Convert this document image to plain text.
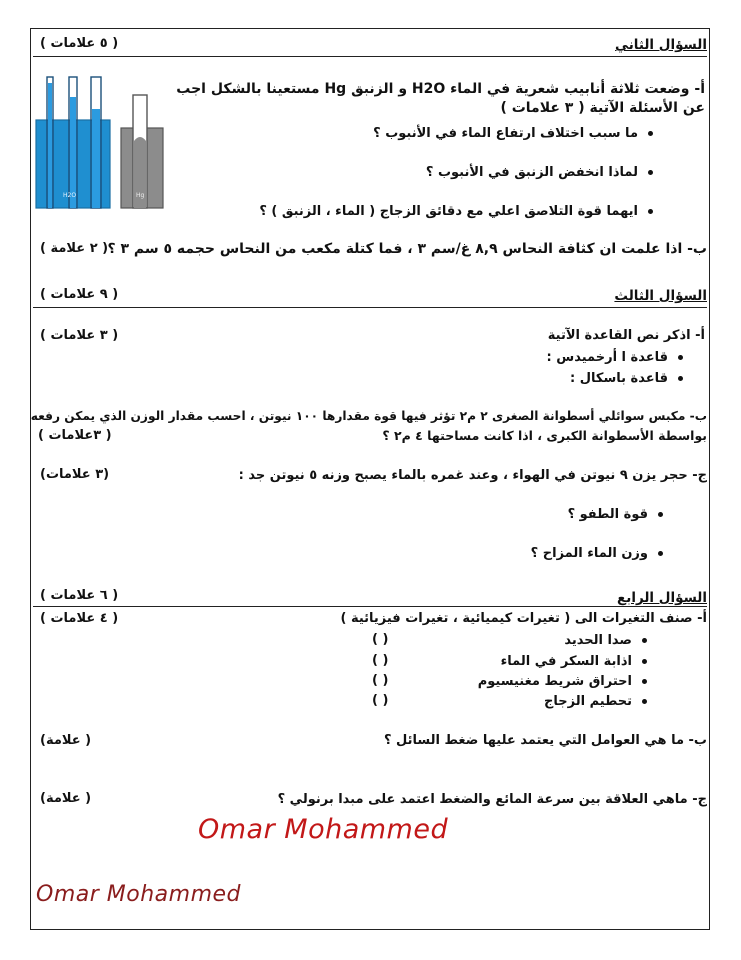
السؤال الثاني
( ٥ علامات )
أ- وضعت ثلاثة أنابيب شعرية في الماء H2O و الزنبق Hg مستعينا بالشكل اجب
عن الأسئلة الآتية ( ٣ علامات )
ما سبب اختلاف ارتفاع الماء في الأنبوب ؟
لماذا انخفض الزنبق في الأنبوب ؟
ايهما قوة التلاصق اعلي مع دقائق الزجاج ( الماء ، الزنبق ) ؟
H2O	Hg
ب- اذا علمت ان كثافة النحاس ٨,٩ غ/سم ٣ ، فما كتلة مكعب من النحاس حجمه ٥ سم ٣ ؟
( ٢ علامة )
السؤال الثالث
( ٩ علامات )
أ- اذكر نص القاعدة الآتية
( ٣ علامات )
قاعدة ا أرخميدس :
قاعدة باسكال :
ب- مكبس سوائلي أسطوانة الصغرى ٢ م٢ تؤثر فيها قوة مقدارها ١٠٠ نيوتن ، احسب مقدار الوزن الذي يمكن رفعه
بواسطة الأسطوانة الكبرى ، اذا كانت مساحتها ٤ م٢ ؟
( ٣علامات )
ج- حجر يزن ٩ نيوتن في الهواء ، وعند غمره بالماء يصبح وزنه ٥ نيوتن جد :
(٣ علامات)
قوة الطفو ؟
وزن الماء المزاح ؟
السؤال الرابع
( ٦ علامات )
أ- صنف التغيرات الى ( تغيرات كيميائية ، تغيرات فيزيائية )
( ٤ علامات )
صدا الحديد
( )
اذابة السكر في الماء
( )
احتراق شريط مغنيسيوم
( )
تحطيم الزجاج
( )
ب- ما هي العوامل التي يعتمد عليها ضغط السائل ؟
( علامة)
ج- ماهي العلاقة بين سرعة المائع والضغط اعتمد على مبدا برنولي ؟
( علامة)
Omar Mohammed
Omar Mohammed
